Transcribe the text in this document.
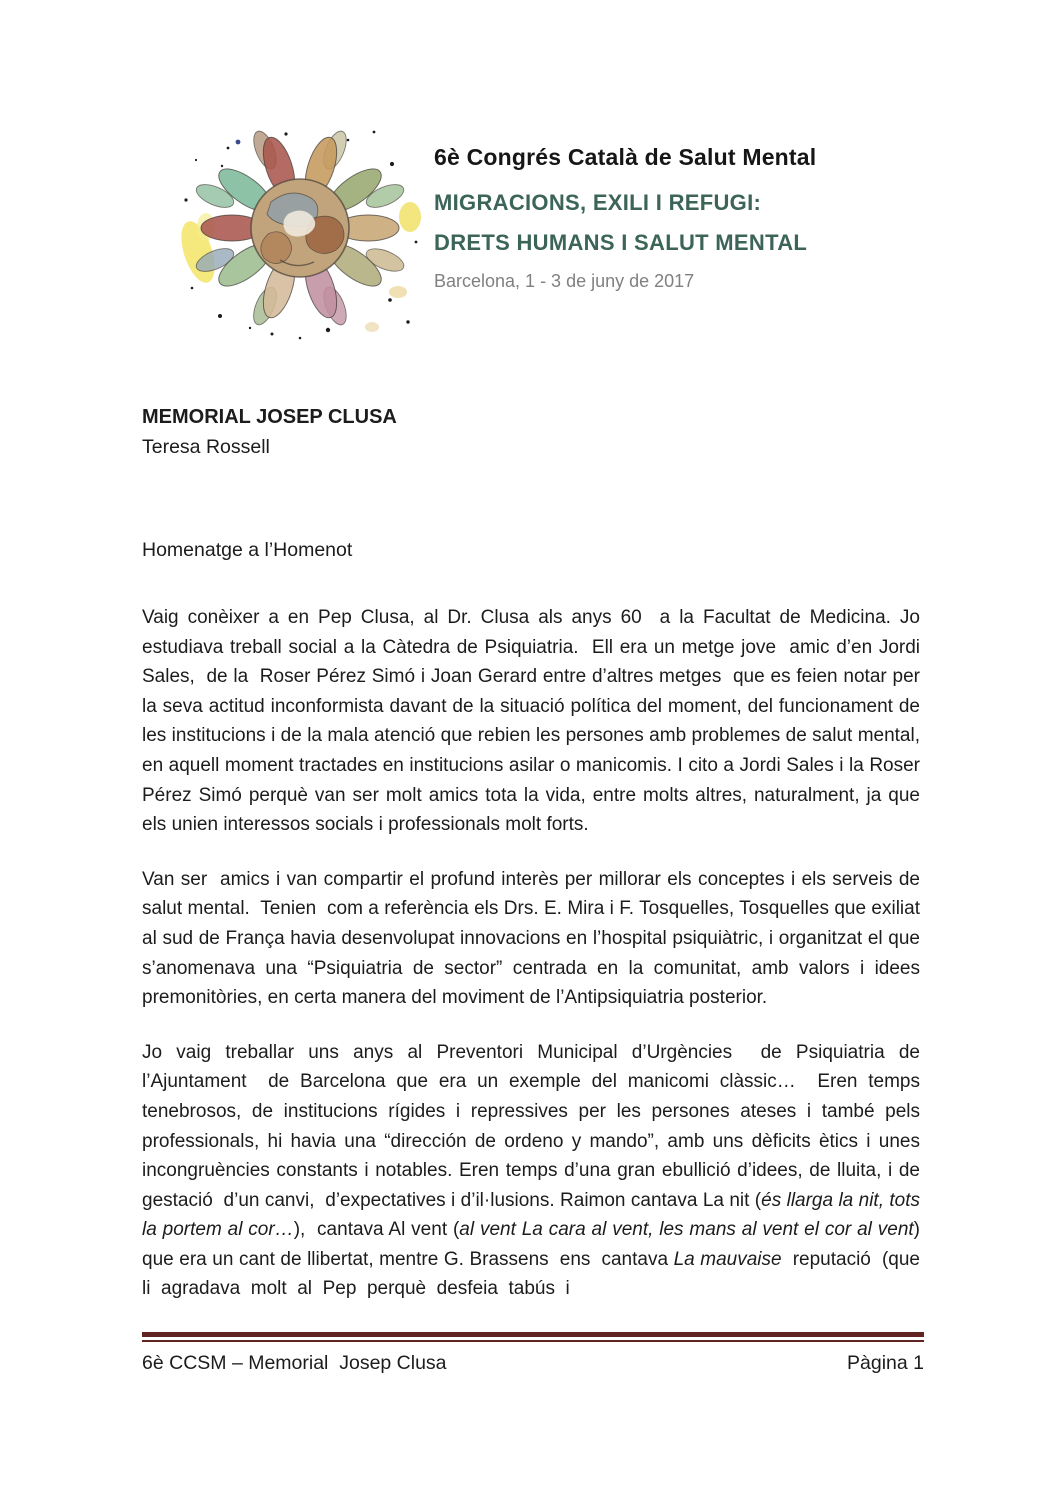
6è Congrés Català de Salut Mental
MIGRACIONS, EXILI I REFUGI:
DRETS HUMANS I SALUT MENTAL
Barcelona, 1 - 3 de juny de 2017
MEMORIAL JOSEP CLUSA
Teresa Rossell
Homenatge a l’Homenot

Vaig conèixer a en Pep Clusa, al Dr. Clusa als anys 60  a la Facultat de Medicina. Jo estudiava treball social a la Càtedra de Psiquiatria.  Ell era un metge jove  amic d’en Jordi Sales,  de la  Roser Pérez Simó i Joan Gerard entre d’altres metges  que es feien notar per la seva actitud inconformista davant de la situació política del moment, del funcionament de les institucions i de la mala atenció que rebien les persones amb problemes de salut mental, en aquell moment tractades en institucions asilar o manicomis. I cito a Jordi Sales i la Roser Pérez Simó perquè van ser molt amics tota la vida, entre molts altres, naturalment, ja que els unien interessos socials i professionals molt forts.

Van ser  amics i van compartir el profund interès per millorar els conceptes i els serveis de salut mental.  Tenien  com a referència els Drs. E. Mira i F. Tosquelles, Tosquelles que exiliat al sud de França havia desenvolupat innovacions en l’hospital psiquiàtric, i organitzat el que s’anomenava una “Psiquiatria de sector” centrada en la comunitat, amb valors i idees premonitòries, en certa manera del moviment de l’Antipsiquiatria posterior.

Jo vaig treballar uns anys al Preventori Municipal d’Urgències  de Psiquiatria de l’Ajuntament  de Barcelona que era un exemple del manicomi clàssic…  Eren temps tenebrosos, de institucions rígides i repressives per les persones ateses i també pels professionals, hi havia una “dirección de ordeno y mando”, amb uns dèficits ètics i unes incongruències constants i notables. Eren temps d’una gran ebullició d’idees, de lluita, i de gestació  d’un canvi,  d’expectatives i d’il·lusions. Raimon cantava La nit (és llarga la nit, tots la portem al cor…),  cantava Al vent (al vent La cara al vent, les mans al vent el cor al vent) que era un cant de llibertat, mentre G. Brassens  ens  cantava La mauvaise  reputació  (que  li  agradava  molt  al  Pep  perquè  desfeia  tabús  i

6è CCSM – Memorial  Josep Clusa	Pàgina 1
